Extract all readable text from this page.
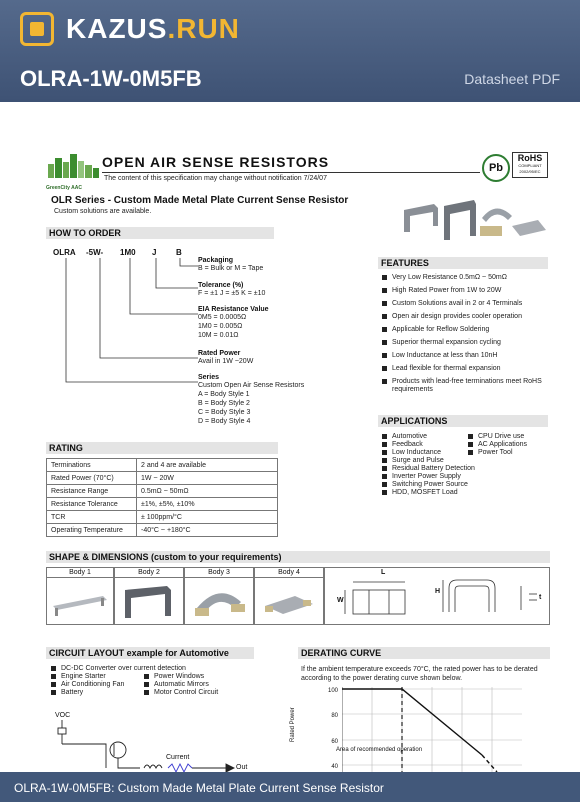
KAZUS.RUN
OLRA-1W-0M5FB	Datasheet PDF
GreenCity AAC
OPEN AIR SENSE RESISTORS
The content of this specification may change without notification 7/24/07
Pb
RoHS
COMPLIANT
2002/95/EC
OLR Series - Custom Made Metal Plate Current Sense Resistor
Custom solutions are available.
HOW TO ORDER
OLRA -5W- 1M0 J B
Packaging
B = Bulk or M = Tape
Tolerance (%)
F = ±1 J = ±5 K = ±10
EIA Resistance Value
0M5 = 0.0005Ω
1M0 = 0.005Ω
10M = 0.01Ω
Rated Power
Avail in 1W ~20W
Series
Custom Open Air Sense Resistors
A = Body Style 1
B = Body Style 2
C = Body Style 3
D = Body Style 4
FEATURES
Very Low Resistance 0.5mΩ ~ 50mΩ
High Rated Power from 1W to 20W
Custom Solutions avail in 2 or 4 Terminals
Open air design provides cooler operation
Applicable for Reflow Soldering
Superior thermal expansion cycling
Low Inductance at less than 10nH
Lead flexible for thermal expansion
Products with lead-free terminations meet RoHS requirements
APPLICATIONS
Automotive
Feedback
Low Inductance
Surge and Pulse
Residual Battery Detection
Inverter Power Supply
Switching Power Source
HDD, MOSFET Load
CPU Drive use
AC Applications
Power Tool
RATING
Terminations	2 and 4 are available
Rated Power (70°C)	1W ~ 20W
Resistance Range	0.5mΩ ~ 50mΩ
Resistance Tolerance	±1%, ±5%, ±10%
TCR	± 100ppm/°C
Operating Temperature	-40°C ~ +180°C
SHAPE & DIMENSIONS (custom to your requirements)
Body 1	Body 2	Body 3	Body 4	L
W
H
t
CIRCUIT LAYOUT example for Automotive
DC-DC Converter over current detection
Engine Starter
Air Conditioning Fan
Battery
Power Windows
Automatic Mirrors
Motor Control Circuit
VOC
Current
Out
DERATING CURVE
If the ambient temperature exceeds 70°C, the rated power has to be derated according to the power derating curve shown below.
100
80
60
40
Rated Power
Area of recommended operation
OLRA-1W-0M5FB: Custom Made Metal Plate Current Sense Resistor
